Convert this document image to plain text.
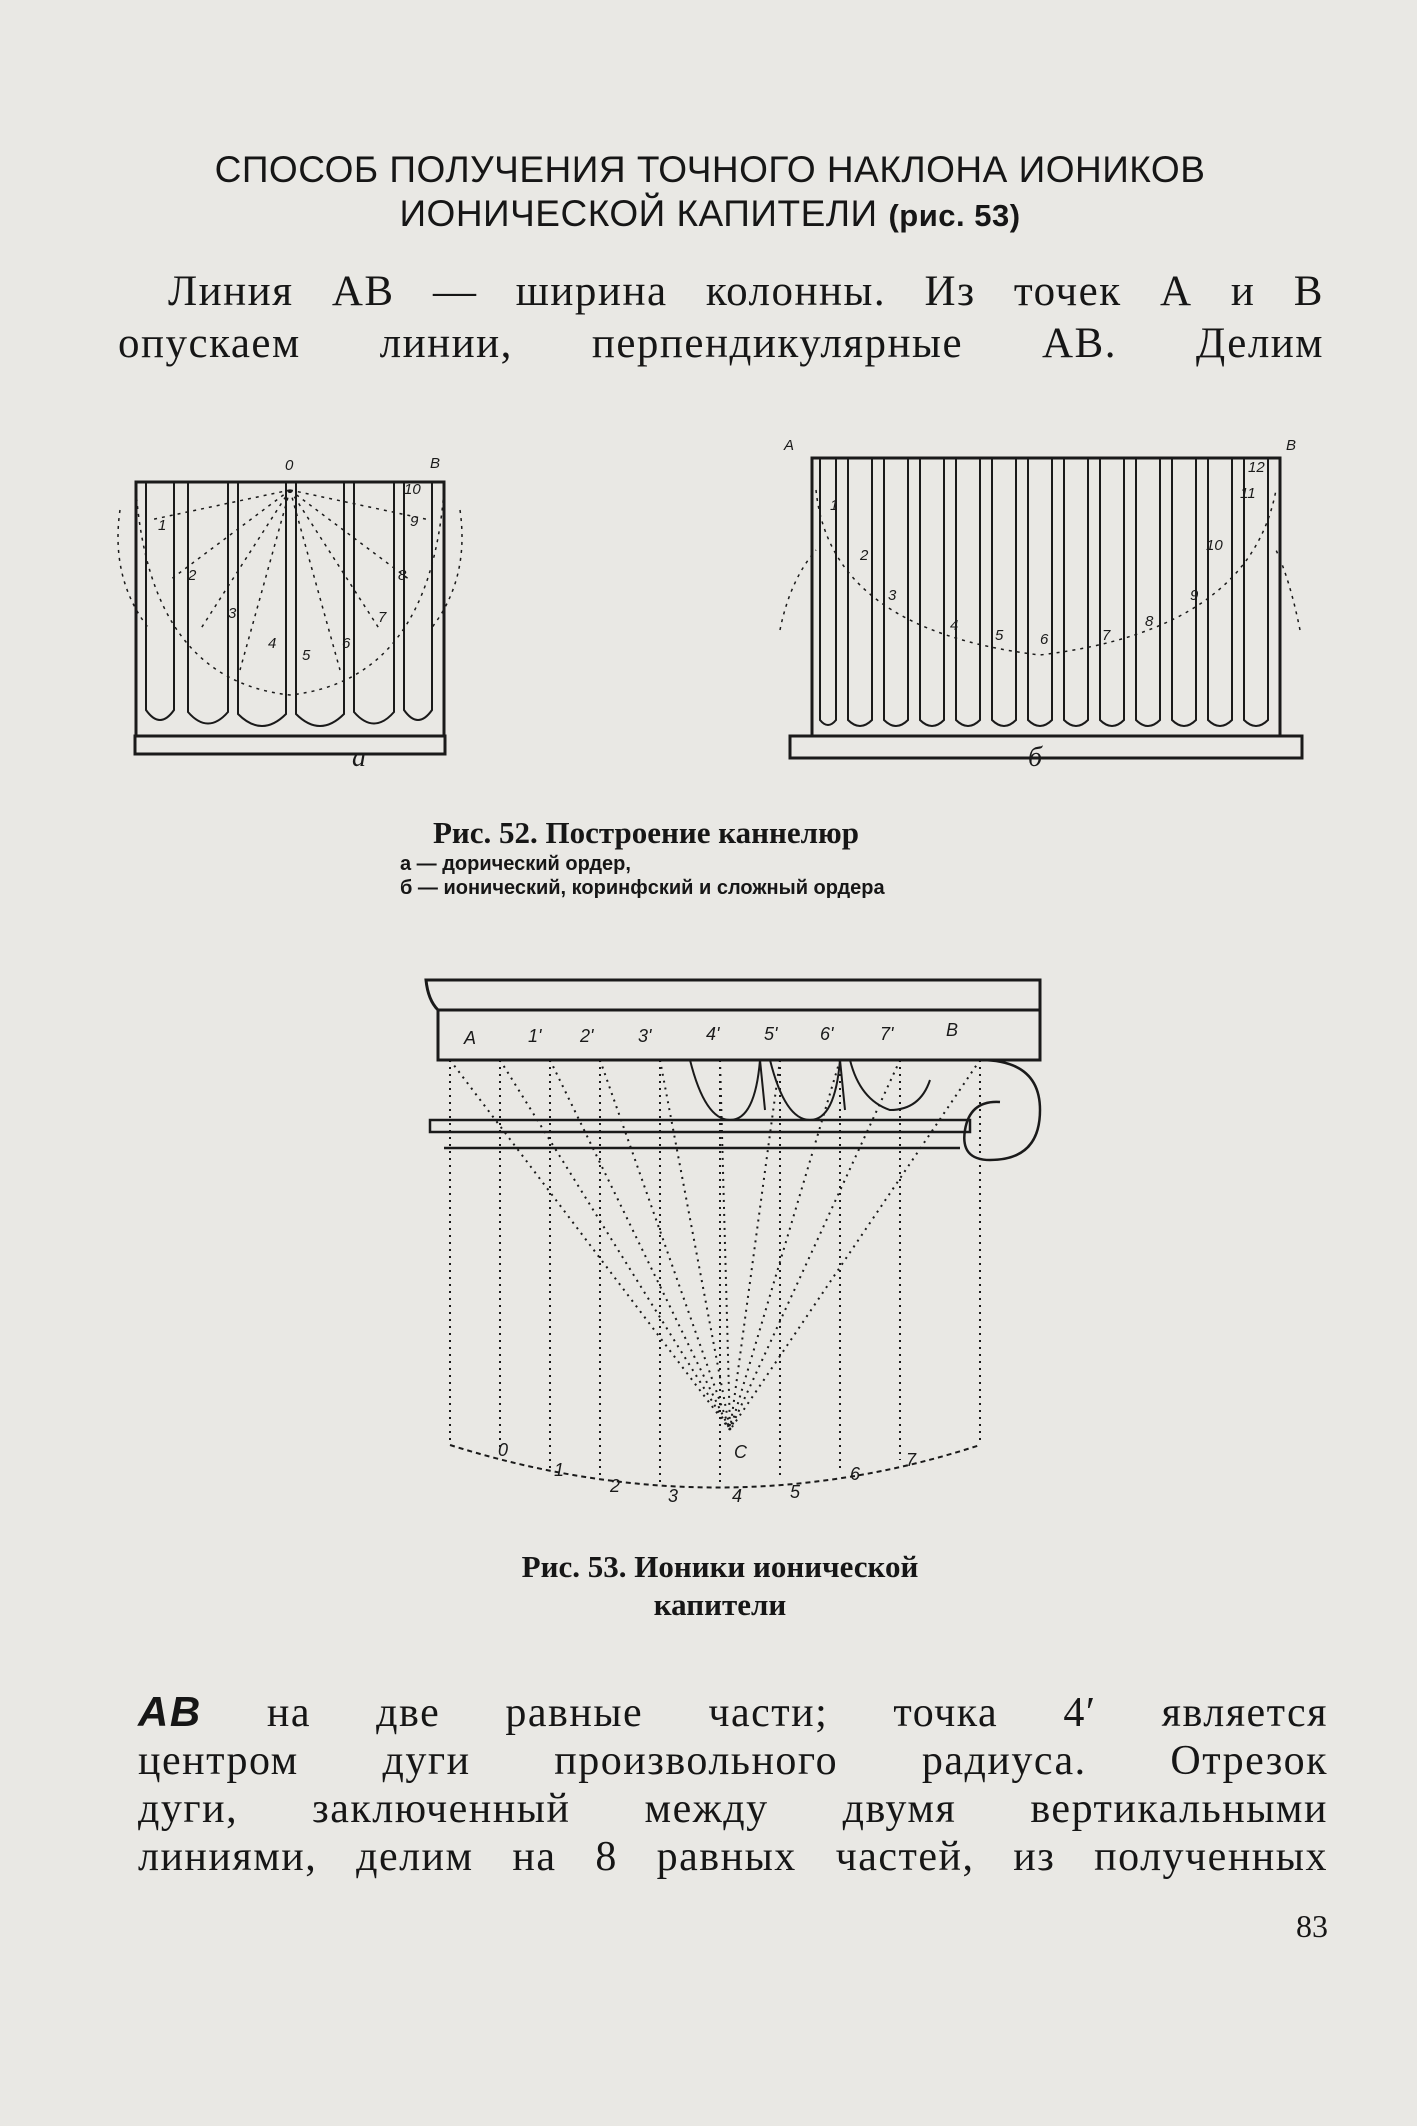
СПОСОБ ПОЛУЧЕНИЯ ТОЧНОГО НАКЛОНА ИОНИКОВ
ИОНИЧЕСКОЙ КАПИТЕЛИ (рис. 53)
Линия АВ — ширина колонны. Из точек А и В
опускаем линии, перпендикулярные АВ. Делим
В
0
1
2
3
4
5
6
7
8
9
10
А	В
1
2
3
4
5 6	7
8
9
10
11
12
а	б
Рис. 52. Построение каннелюр
а — дорический ордер,
б — ионический, коринфский и сложный ордера
А	1' 2' 3'	4' 5' 6'	7'	В
С
0
1
2	3	4	5
6
7
Рис. 53. Ионики ионической
капители
АВ на две равные части; точка 4′ является
центром дуги произвольного радиуса. Отрезок
дуги, заключенный между двумя вертикальными
линиями, делим на 8 равных частей, из полученных
83
